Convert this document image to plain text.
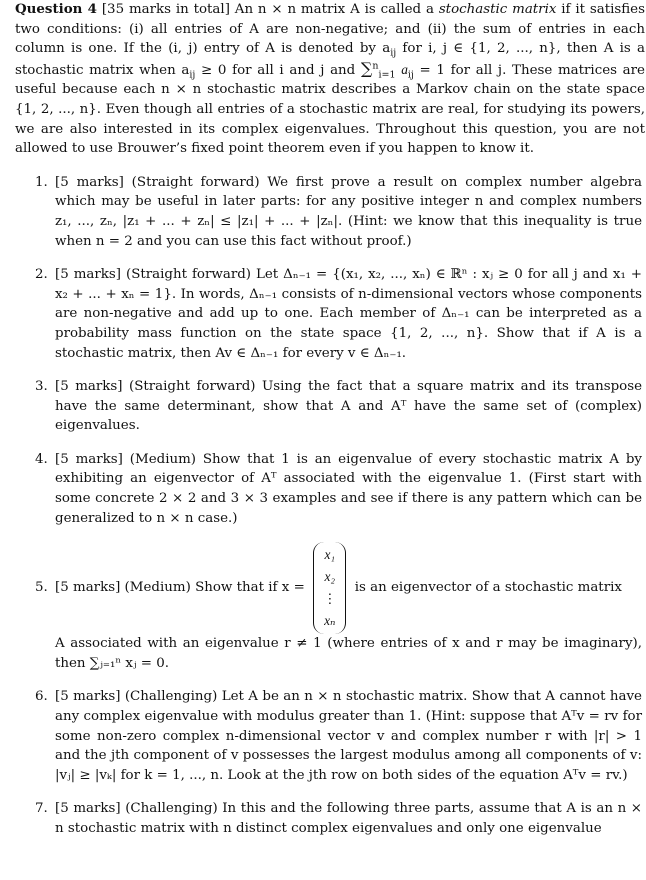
Question 4 [35 marks in total] An n × n matrix A is called a stochastic matrix if it satisfies two conditions: (i) all entries of A are non-negative; and (ii) the sum of entries in each column is one. If the (i, j) entry of A is denoted by $a_{ij}$ for i, j ∈ {1, 2, ..., n}, then A is a stochastic matrix when $a_{ij} \ge 0$ for all i and j and ∑$^n_{i=1}$ $a_{ij} = 1$ for all j. These matrices are useful because each n × n stochastic matrix describes a Markov chain on the state space {1, 2, ..., n}. Even though all entries of a stochastic matrix are real, for studying its powers, we are also interested in its complex eigenvalues. Throughout this question, you are not allowed to use Brouwer’s fixed point theorem even if you happen to know it.

1. [5 marks] (Straight forward) We first prove a result on complex number algebra which may be useful in later parts: for any positive integer n and complex numbers z₁, ..., zₙ, |z₁ + ... + zₙ| ≤ |z₁| + ... + |zₙ|. (Hint: we know that this inequality is true when n = 2 and you can use this fact without proof.)
2. [5 marks] (Straight forward) Let Δₙ₋₁ = {(x₁, x₂, ..., xₙ) ∈ ℝⁿ : xⱼ ≥ 0 for all j and x₁ + x₂ + ... + xₙ = 1}. In words, Δₙ₋₁ consists of n-dimensional vectors whose components are non-negative and add up to one. Each member of Δₙ₋₁ can be interpreted as a probability mass function on the state space {1, 2, ..., n}. Show that if A is a stochastic matrix, then Av ∈ Δₙ₋₁ for every v ∈ Δₙ₋₁.
3. [5 marks] (Straight forward) Using the fact that a square matrix and its transpose have the same determinant, show that A and Aᵀ have the same set of (complex) eigenvalues.
4. [5 marks] (Medium) Show that 1 is an eigenvalue of every stochastic matrix A by exhibiting an eigenvector of Aᵀ associated with the eigenvalue 1. (First start with some concrete 2 × 2 and 3 × 3 examples and see if there is any pattern which can be generalized to n × n case.)
5. [5 marks] (Medium) Show that if x =
x₁
x₂
⋮
xₙ
is an eigenvector of a stochastic matrix
A associated with an eigenvalue r ≠ 1 (where entries of x and r may be imaginary), then ∑ⱼ₌₁ⁿ xⱼ = 0.
6. [5 marks] (Challenging) Let A be an n × n stochastic matrix. Show that A cannot have any complex eigenvalue with modulus greater than 1. (Hint: suppose that Aᵀv = rv for some non-zero complex n-dimensional vector v and complex number r with |r| > 1 and the jth component of v possesses the largest modulus among all components of v: |vⱼ| ≥ |vₖ| for k = 1, ..., n. Look at the jth row on both sides of the equation Aᵀv = rv.)
7. [5 marks] (Challenging) In this and the following three parts, assume that A is an n × n stochastic matrix with n distinct complex eigenvalues and only one eigenvalue
